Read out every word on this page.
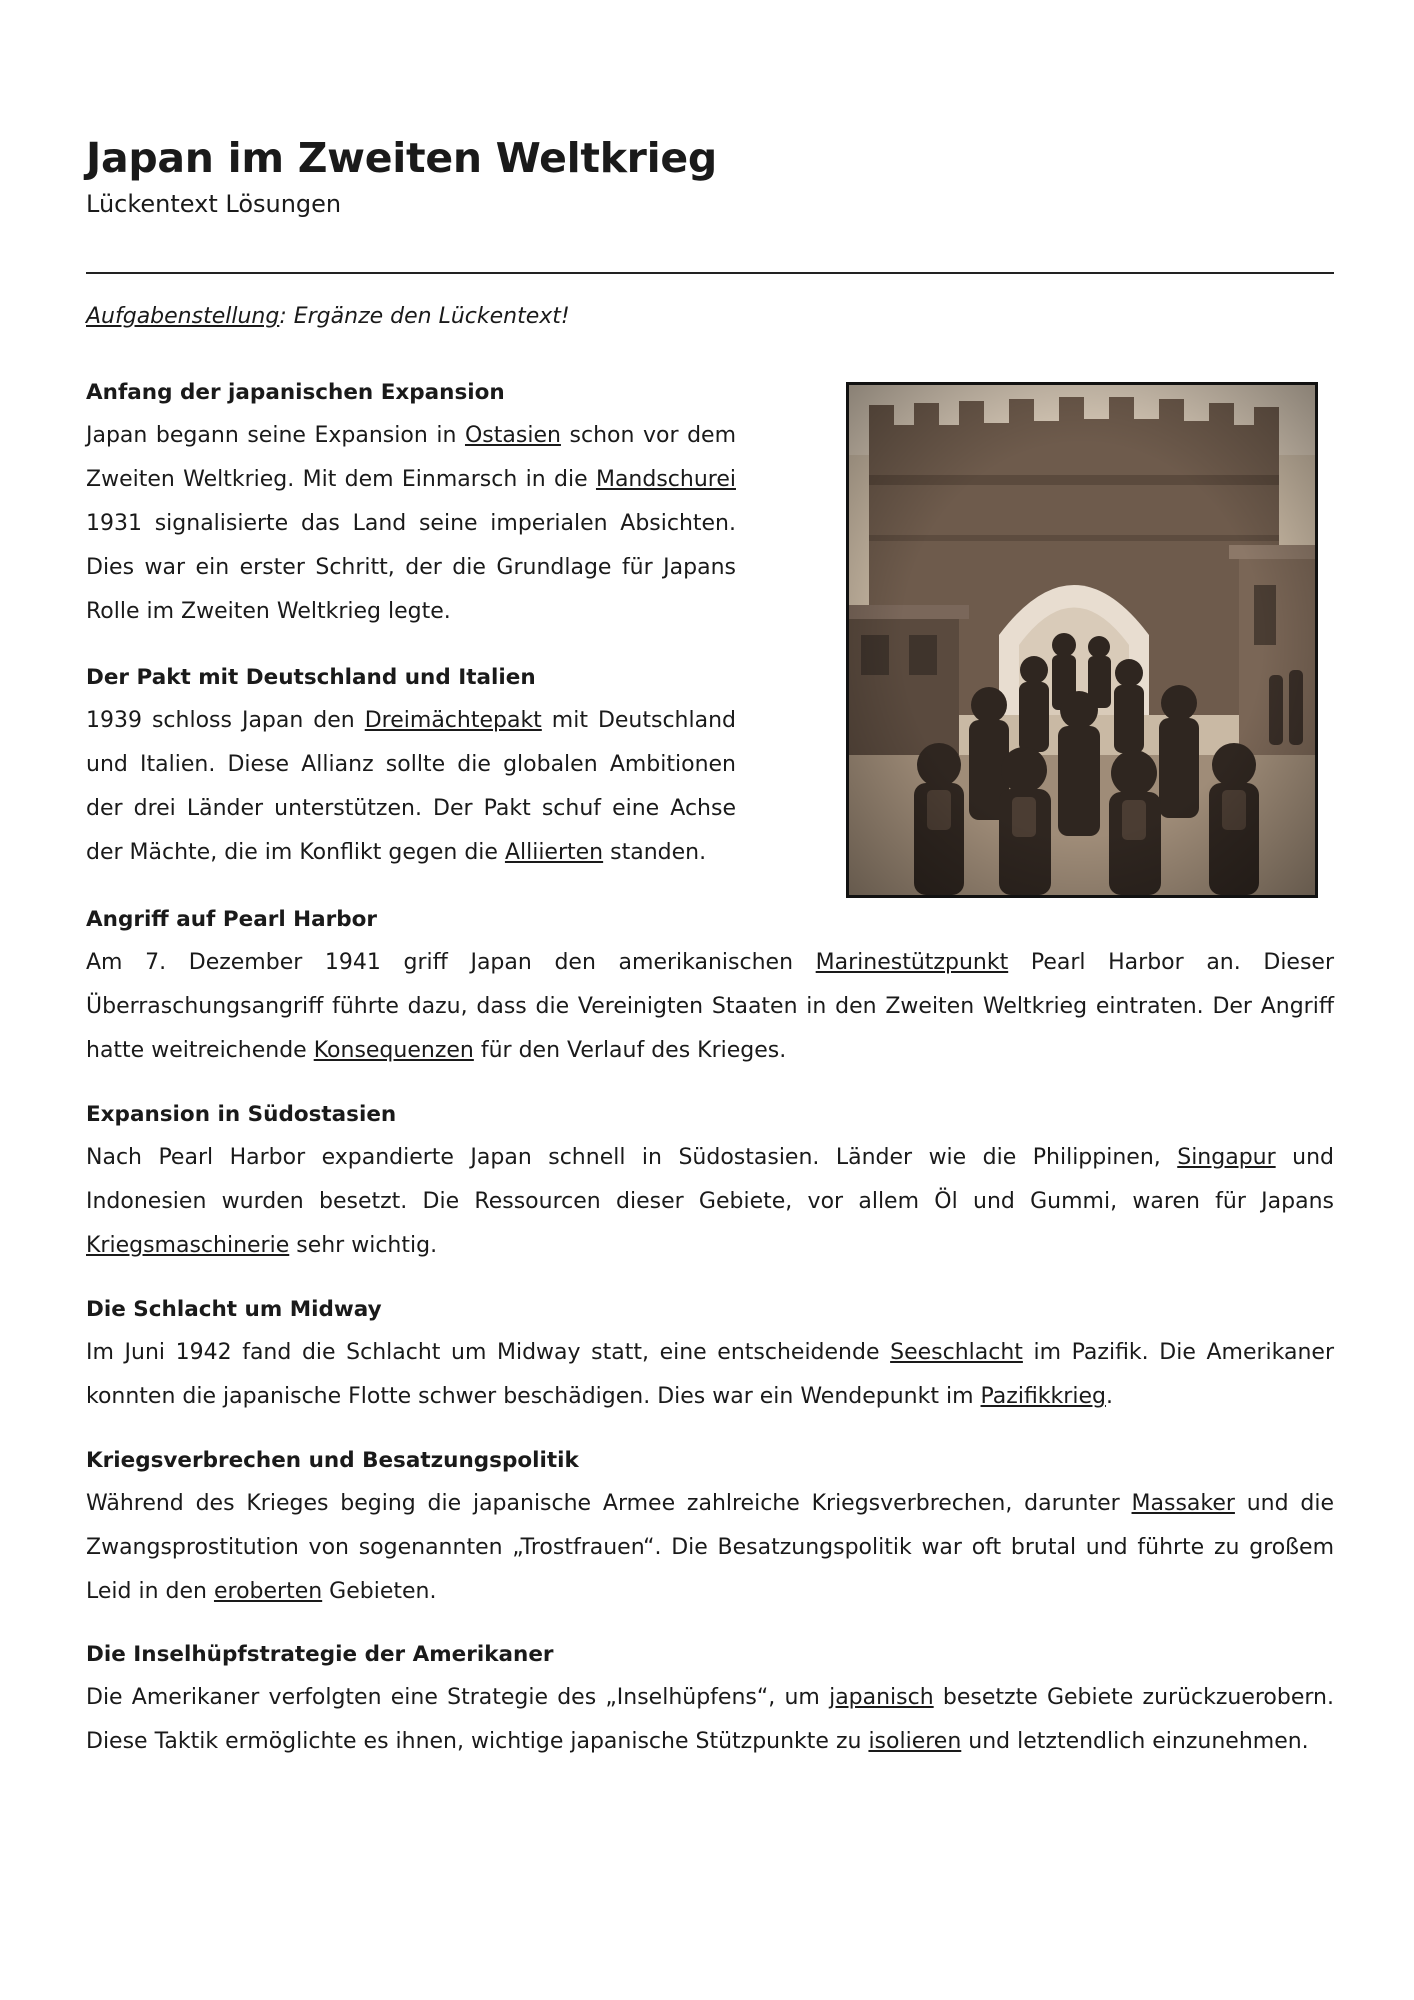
Japan im Zweiten Weltkrieg
Lückentext Lösungen
Aufgabenstellung: Ergänze den Lückentext!
Anfang der japanischen Expansion

Japan begann seine Expansion in Ostasien schon vor dem Zweiten Weltkrieg. Mit dem Einmarsch in die Mandschurei 1931 signalisierte das Land seine imperialen Absichten. Dies war ein erster Schritt, der die Grundlage für Japans Rolle im Zweiten Weltkrieg legte.

Der Pakt mit Deutschland und Italien

1939 schloss Japan den Dreimächtepakt mit Deutschland und Italien. Diese Allianz sollte die globalen Ambitionen der drei Länder unterstützen. Der Pakt schuf eine Achse der Mächte, die im Konflikt gegen die Alliierten standen.

Angriff auf Pearl Harbor

Am 7. Dezember 1941 griff Japan den amerikanischen Marinestützpunkt Pearl Harbor an. Dieser Überraschungsangriff führte dazu, dass die Vereinigten Staaten in den Zweiten Weltkrieg eintraten. Der Angriff hatte weitreichende Konsequenzen für den Verlauf des Krieges.

Expansion in Südostasien

Nach Pearl Harbor expandierte Japan schnell in Südostasien. Länder wie die Philippinen, Singapur und Indonesien wurden besetzt. Die Ressourcen dieser Gebiete, vor allem Öl und Gummi, waren für Japans Kriegsmaschinerie sehr wichtig.

Die Schlacht um Midway

Im Juni 1942 fand die Schlacht um Midway statt, eine entscheidende Seeschlacht im Pazifik. Die Amerikaner konnten die japanische Flotte schwer beschädigen. Dies war ein Wendepunkt im Pazifikkrieg.

Kriegsverbrechen und Besatzungspolitik

Während des Krieges beging die japanische Armee zahlreiche Kriegsverbrechen, darunter Massaker und die Zwangsprostitution von sogenannten „Trostfrauen“. Die Besatzungspolitik war oft brutal und führte zu großem Leid in den eroberten Gebieten.

Die Inselhüpfstrategie der Amerikaner

Die Amerikaner verfolgten eine Strategie des „Inselhüpfens“, um japanisch besetzte Gebiete zurückzuerobern. Diese Taktik ermöglichte es ihnen, wichtige japanische Stützpunkte zu isolieren und letztendlich einzunehmen.
